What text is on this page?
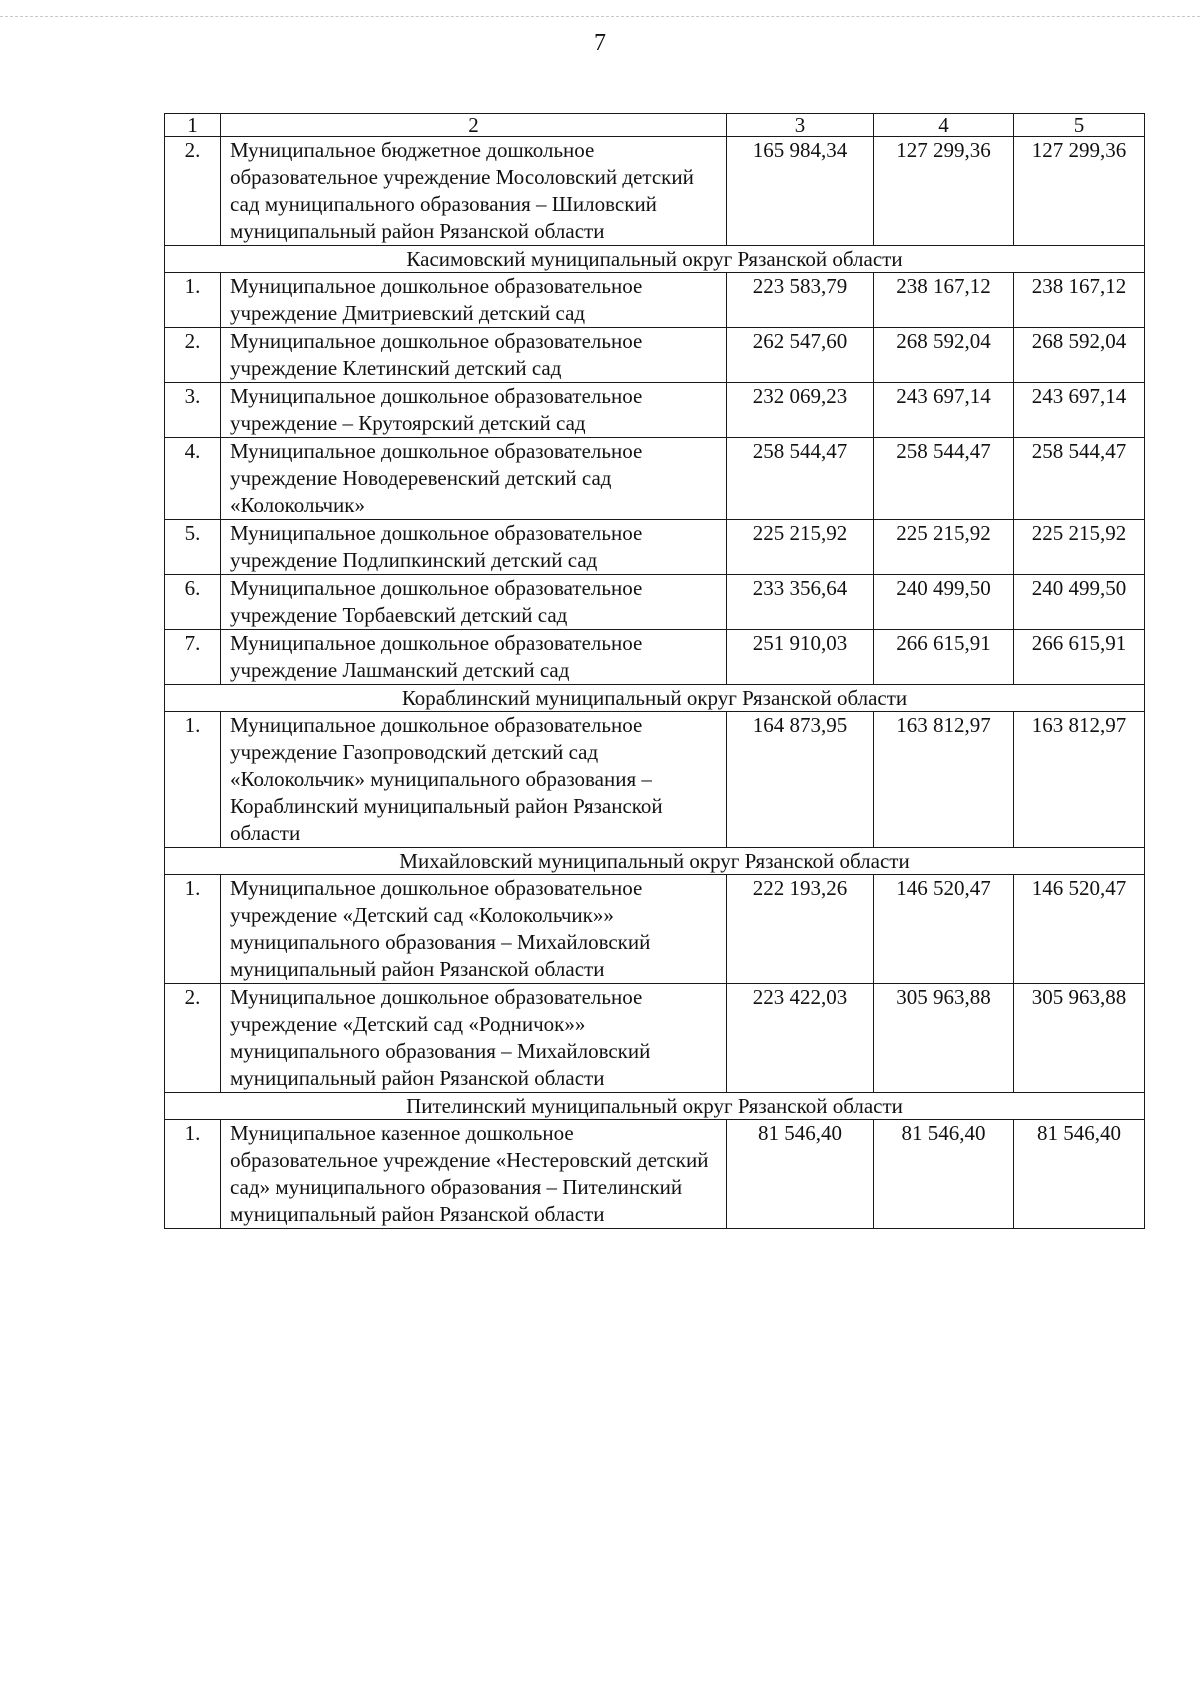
7
1	2	3	4	5
2.	Муниципальное бюджетное дошкольное образовательное учреждение Мосоловский детский сад муниципального образования – Шиловский муниципальный район Рязанской области	165 984,34	127 299,36	127 299,36
Касимовский муниципальный округ Рязанской области				
1.	Муниципальное дошкольное образовательное учреждение Дмитриевский детский сад	223 583,79	238 167,12	238 167,12
2.	Муниципальное дошкольное образовательное учреждение Клетинский детский сад	262 547,60	268 592,04	268 592,04
3.	Муниципальное дошкольное образовательное учреждение – Крутоярский детский сад	232 069,23	243 697,14	243 697,14
4.	Муниципальное дошкольное образовательное учреждение Новодеревенский детский сад «Колокольчик»	258 544,47	258 544,47	258 544,47
5.	Муниципальное дошкольное образовательное учреждение Подлипкинский детский сад	225 215,92	225 215,92	225 215,92
6.	Муниципальное дошкольное образовательное учреждение Торбаевский детский сад	233 356,64	240 499,50	240 499,50
7.	Муниципальное дошкольное образовательное учреждение Лашманский детский сад	251 910,03	266 615,91	266 615,91
Кораблинский муниципальный округ Рязанской области				
1.	Муниципальное дошкольное образовательное учреждение Газопроводский детский сад «Колокольчик» муниципального образования – Кораблинский муниципальный район Рязанской области	164 873,95	163 812,97	163 812,97
Михайловский муниципальный округ Рязанской области				
1.	Муниципальное дошкольное образовательное учреждение «Детский сад «Колокольчик»» муниципального образования – Михайловский муниципальный район Рязанской области	222 193,26	146 520,47	146 520,47
2.	Муниципальное дошкольное образовательное учреждение «Детский сад «Родничок»» муниципального образования – Михайловский муниципальный район Рязанской области	223 422,03	305 963,88	305 963,88
Пителинский муниципальный округ Рязанской области				
1.	Муниципальное казенное дошкольное образовательное учреждение «Нестеровский детский сад» муниципального образования – Пителинский муниципальный район Рязанской области	81 546,40	81 546,40	81 546,40
